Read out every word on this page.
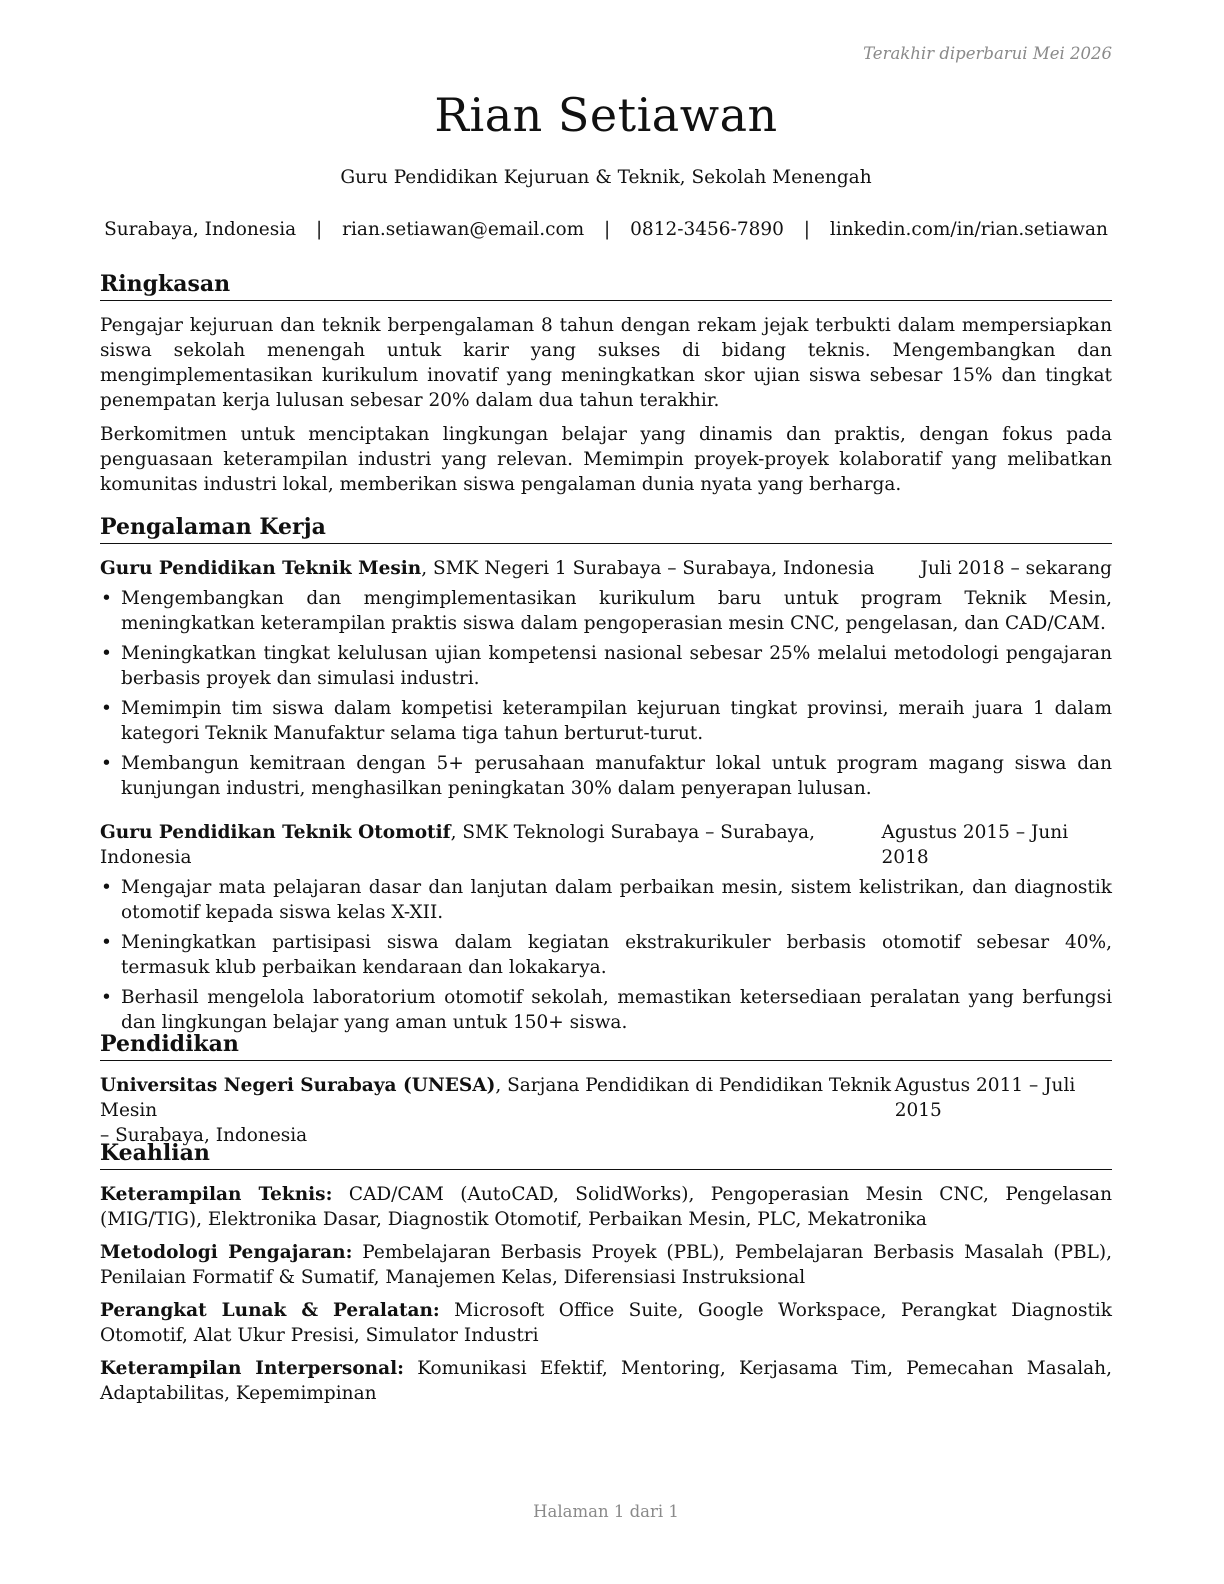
Terakhir diperbarui Mei 2026
Rian Setiawan
Guru Pendidikan Kejuruan & Teknik, Sekolah Menengah
Surabaya, Indonesia | rian.setiawan@email.com | 0812-3456-7890 | linkedin.com/in/rian.setiawan
Ringkasan

Pengajar kejuruan dan teknik berpengalaman 8 tahun dengan rekam jejak terbukti dalam mempersiapkan siswa sekolah menengah untuk karir yang sukses di bidang teknis. Mengembangkan dan mengimplementasikan kurikulum inovatif yang meningkatkan skor ujian siswa sebesar 15% dan tingkat penempatan kerja lulusan sebesar 20% dalam dua tahun terakhir.

Berkomitmen untuk menciptakan lingkungan belajar yang dinamis dan praktis, dengan fokus pada penguasaan keterampilan industri yang relevan. Memimpin proyek-proyek kolaboratif yang melibatkan komunitas industri lokal, memberikan siswa pengalaman dunia nyata yang berharga.

Pengalaman Kerja
Guru Pendidikan Teknik Mesin, SMK Negeri 1 Surabaya – Surabaya, Indonesia Juli 2018 – sekarang
• Mengembangkan dan mengimplementasikan kurikulum baru untuk program Teknik Mesin, meningkatkan keterampilan praktis siswa dalam pengoperasian mesin CNC, pengelasan, dan CAD/CAM.
• Meningkatkan tingkat kelulusan ujian kompetensi nasional sebesar 25% melalui metodologi pengajaran berbasis proyek dan simulasi industri.
• Memimpin tim siswa dalam kompetisi keterampilan kejuruan tingkat provinsi, meraih juara 1 dalam kategori Teknik Manufaktur selama tiga tahun berturut-turut.
• Membangun kemitraan dengan 5+ perusahaan manufaktur lokal untuk program magang siswa dan kunjungan industri, menghasilkan peningkatan 30% dalam penyerapan lulusan.
Guru Pendidikan Teknik Otomotif, SMK Teknologi Surabaya – Surabaya, Indonesia
Agustus 2015 – Juni 2018
• Mengajar mata pelajaran dasar dan lanjutan dalam perbaikan mesin, sistem kelistrikan, dan diagnostik otomotif kepada siswa kelas X-XII.
• Meningkatkan partisipasi siswa dalam kegiatan ekstrakurikuler berbasis otomotif sebesar 40%, termasuk klub perbaikan kendaraan dan lokakarya.
• Berhasil mengelola laboratorium otomotif sekolah, memastikan ketersediaan peralatan yang berfungsi dan lingkungan belajar yang aman untuk 150+ siswa.
Pendidikan
Universitas Negeri Surabaya (UNESA), Sarjana Pendidikan di Pendidikan Teknik Mesin
Agustus 2011 – Juli 2015
– Surabaya, Indonesia
Keahlian
Keterampilan Teknis: CAD/CAM (AutoCAD, SolidWorks), Pengoperasian Mesin CNC, Pengelasan (MIG/TIG), Elektronika Dasar, Diagnostik Otomotif, Perbaikan Mesin, PLC, Mekatronika
Metodologi Pengajaran: Pembelajaran Berbasis Proyek (PBL), Pembelajaran Berbasis Masalah (PBL), Penilaian Formatif & Sumatif, Manajemen Kelas, Diferensiasi Instruksional
Perangkat Lunak & Peralatan: Microsoft Office Suite, Google Workspace, Perangkat Diagnostik Otomotif, Alat Ukur Presisi, Simulator Industri
Keterampilan Interpersonal: Komunikasi Efektif, Mentoring, Kerjasama Tim, Pemecahan Masalah, Adaptabilitas, Kepemimpinan
Halaman 1 dari 1
